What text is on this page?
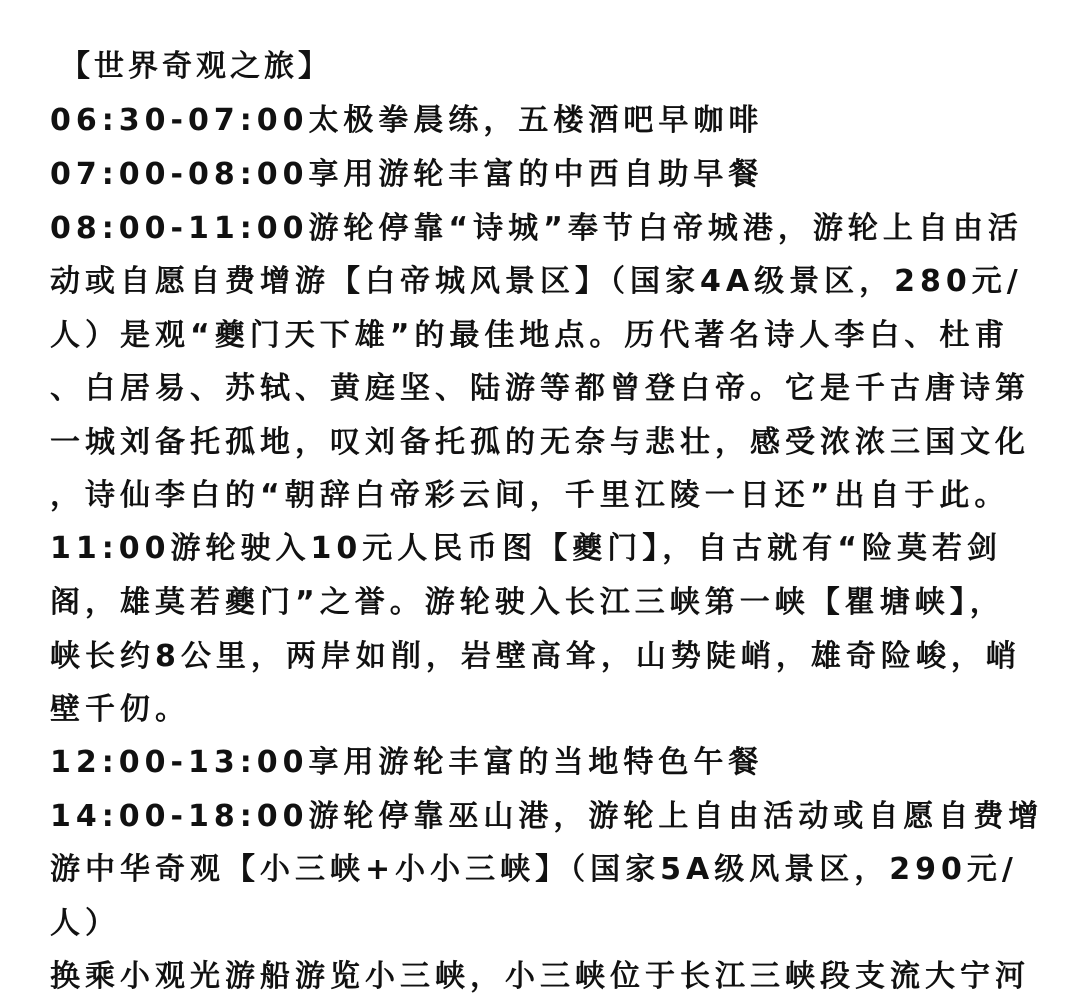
【世界奇观之旅】
06:30-07:00太极拳晨练，五楼酒吧早咖啡
07:00-08:00享用游轮丰富的中西自助早餐
08:00-11:00游轮停靠“诗城”奉节白帝城港，游轮上自由活
动或自愿自费增游【白帝城风景区】（国家4A级景区，280元/
人）是观“夔门天下雄”的最佳地点。历代著名诗人李白、杜甫
、白居易、苏轼、黄庭坚、陆游等都曾登白帝。它是千古唐诗第
一城刘备托孤地，叹刘备托孤的无奈与悲壮，感受浓浓三国文化
，诗仙李白的“朝辞白帝彩云间，千里江陵一日还”出自于此。
11:00游轮驶入10元人民币图【夔门】，自古就有“险莫若剑
阁，雄莫若夔门”之誉。游轮驶入长江三峡第一峡【瞿塘峡】，
峡长约8公里，两岸如削，岩壁高耸，山势陡峭，雄奇险峻，峭
壁千仞。
12:00-13:00享用游轮丰富的当地特色午餐
14:00-18:00游轮停靠巫山港，游轮上自由活动或自愿自费增
游中华奇观【小三峡+小小三峡】（国家5A级风景区，290元/
人）
换乘小观光游船游览小三峡，小三峡位于长江三峡段支流大宁河
